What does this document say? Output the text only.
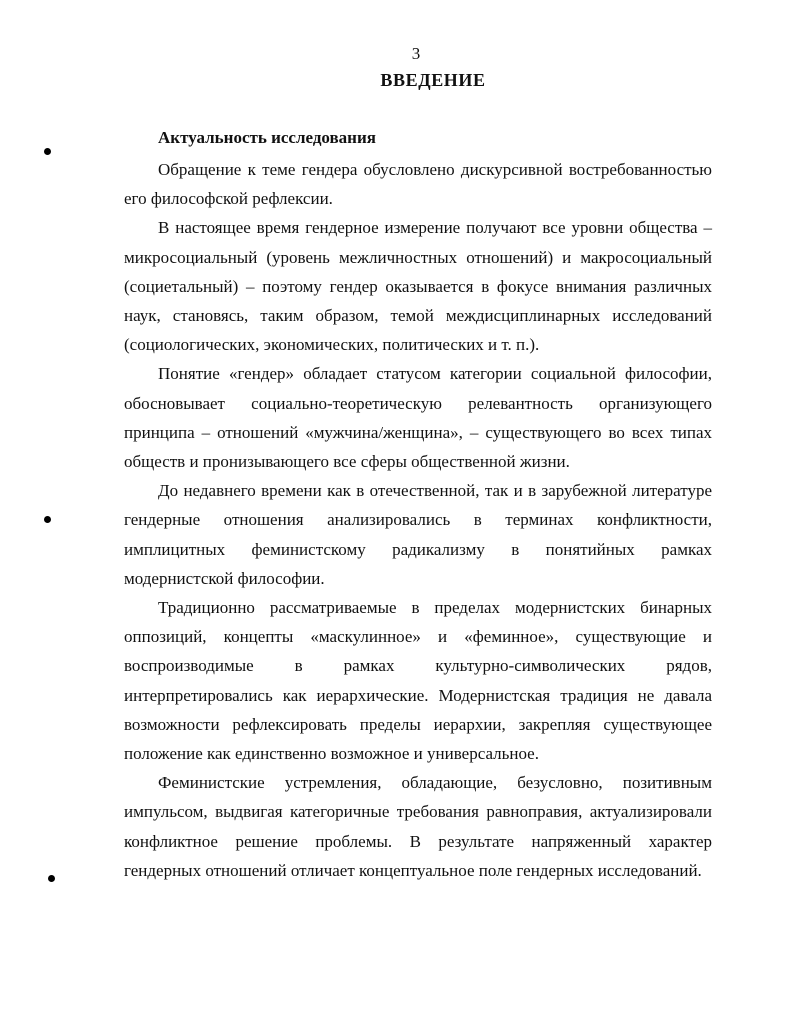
3
ВВЕДЕНИЕ
Актуальность исследования

Обращение к теме гендера обусловлено дискурсивной востребованностью его философской рефлексии.

В настоящее время гендерное измерение получают все уровни общества – микросоциальный (уровень межличностных отношений) и макросоциальный (социетальный) – поэтому гендер оказывается в фокусе внимания различных наук, становясь, таким образом, темой междисциплинарных исследований (социологических, экономических, политических и т. п.).

Понятие «гендер» обладает статусом категории социальной философии, обосновывает социально-теоретическую релевантность организующего принципа – отношений «мужчина/женщина», – существующего во всех типах обществ и пронизывающего все сферы общественной жизни.

До недавнего времени как в отечественной, так и в зарубежной литературе гендерные отношения анализировались в терминах конфликтности, имплицитных феминистскому радикализму в понятийных рамках модернистской философии.

Традиционно рассматриваемые в пределах модернистских бинарных оппозиций, концепты «маскулинное» и «феминное», существующие и воспроизводимые в рамках культурно-символических рядов, интерпретировались как иерархические. Модернистская традиция не давала возможности рефлексировать пределы иерархии, закрепляя существующее положение как единственно возможное и универсальное.

Феминистские устремления, обладающие, безусловно, позитивным импульсом, выдвигая категоричные требования равноправия, актуализировали конфликтное решение проблемы. В результате напряженный характер гендерных отношений отличает концептуальное поле гендерных исследований.
